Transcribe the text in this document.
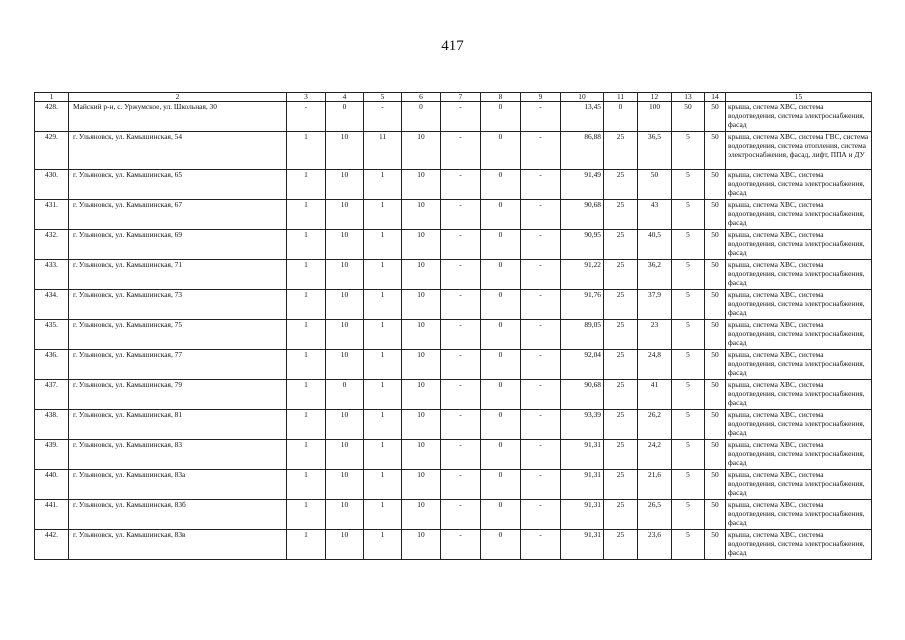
417
1	2	3	4	5	6	7	8	9	10	11	12	13	14	15
428.	Майский р-н, с. Уржумское, ул. Школьная, 30	-	0	-	0	-	0	-	13,45	0	100	50	50	крыша, система ХВС, система водоотведения, система электроснабжения, фасад
429.	г. Ульяновск, ул. Камышинская, 54	1	10	11	10	-	0	-	86,88	25	36,5	5	50	крыша, система ХВС, система ГВС, система водоотведения, система отопления, система электроснабжения, фасад, лифт, ППА и ДУ
430.	г. Ульяновск, ул. Камышинская, 65	1	10	1	10	-	0	-	91,49	25	50	5	50	крыша, система ХВС, система водоотведения, система электроснабжения, фасад
431.	г. Ульяновск, ул. Камышинская, 67	1	10	1	10	-	0	-	90,68	25	43	5	50	крыша, система ХВС, система водоотведения, система электроснабжения, фасад
432.	г. Ульяновск, ул. Камышинская, 69	1	10	1	10	-	0	-	90,95	25	40,5	5	50	крыша, система ХВС, система водоотведения, система электроснабжения, фасад
433.	г. Ульяновск, ул. Камышинская, 71	1	10	1	10	-	0	-	91,22	25	36,2	5	50	крыша, система ХВС, система водоотведения, система электроснабжения, фасад
434.	г. Ульяновск, ул. Камышинская, 73	1	10	1	10	-	0	-	91,76	25	37,9	5	50	крыша, система ХВС, система водоотведения, система электроснабжения, фасад
435.	г. Ульяновск, ул. Камышинская, 75	1	10	1	10	-	0	-	89,05	25	23	5	50	крыша, система ХВС, система водоотведения, система электроснабжения, фасад
436.	г. Ульяновск, ул. Камышинская, 77	1	10	1	10	-	0	-	92,04	25	24,8	5	50	крыша, система ХВС, система водоотведения, система электроснабжения, фасад
437.	г. Ульяновск, ул. Камышинская, 79	1	0	1	10	-	0	-	90,68	25	41	5	50	крыша, система ХВС, система водоотведения, система электроснабжения, фасад
438.	г. Ульяновск, ул. Камышинская, 81	1	10	1	10	-	0	-	93,39	25	26,2	5	50	крыша, система ХВС, система водоотведения, система электроснабжения, фасад
439.	г. Ульяновск, ул. Камышинская, 83	1	10	1	10	-	0	-	91,31	25	24,2	5	50	крыша, система ХВС, система водоотведения, система электроснабжения, фасад
440.	г. Ульяновск, ул. Камышинская, 83а	1	10	1	10	-	0	-	91,31	25	21,6	5	50	крыша, система ХВС, система водоотведения, система электроснабжения, фасад
441.	г. Ульяновск, ул. Камышинская, 83б	1	10	1	10	-	0	-	91,31	25	26,5	5	50	крыша, система ХВС, система водоотведения, система электроснабжения, фасад
442.	г. Ульяновск, ул. Камышинская, 83в	1	10	1	10	-	0	-	91,31	25	23,6	5	50	крыша, система ХВС, система водоотведения, система электроснабжения, фасад
